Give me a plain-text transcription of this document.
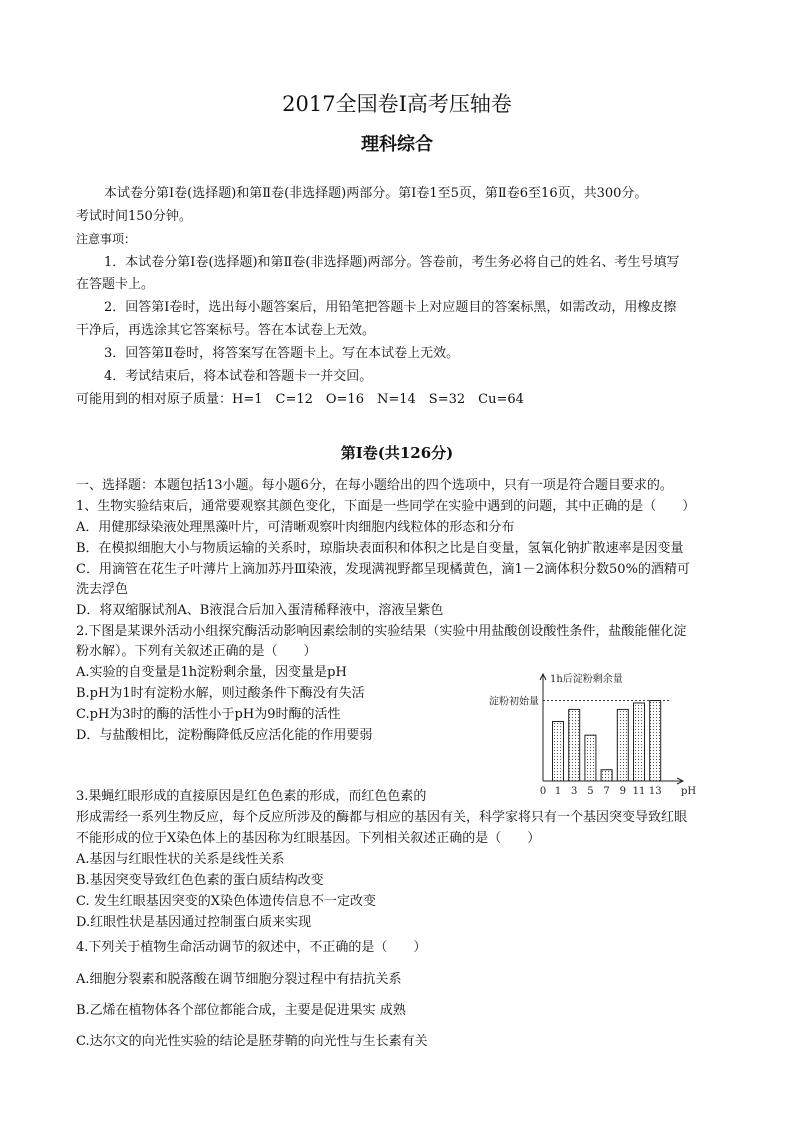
2017全国卷Ⅰ高考压轴卷
理科综合
本试卷分第Ⅰ卷(选择题)和第Ⅱ卷(非选择题)两部分。第Ⅰ卷1至5页，第Ⅱ卷6至16页，共300分。
考试时间150分钟。
注意事项：
1．本试卷分第Ⅰ卷(选择题)和第Ⅱ卷(非选择题)两部分。答卷前，考生务必将自己的姓名、考生号填写
在答题卡上。
2．回答第Ⅰ卷时，选出每小题答案后，用铅笔把答题卡上对应题目的答案标黑，如需改动，用橡皮擦
干净后，再选涂其它答案标号。答在本试卷上无效。
3．回答第Ⅱ卷时，将答案写在答题卡上。写在本试卷上无效。
4．考试结束后，将本试卷和答题卡一并交回。
可能用到的相对原子质量：H=1　C=12　O=16　N=14　S=32　Cu=64
第Ⅰ卷(共126分)
一、选择题：本题包括13小题。每小题6分，在每小题给出的四个选项中，只有一项是符合题目要求的。
1、生物实验结束后，通常要观察其颜色变化，下面是一些同学在实验中遇到的问题，其中正确的是（　　）
A．用健那绿染液处理黑藻叶片，可清晰观察叶肉细胞内线粒体的形态和分布
B．在模拟细胞大小与物质运输的关系时，琼脂块表面积和体积之比是自变量，氢氧化钠扩散速率是因变量
C．用滴管在花生子叶薄片上滴加苏丹Ⅲ染液，发现满视野都呈现橘黄色，滴1－2滴体积分数50%的酒精可
洗去浮色
D．将双缩脲试剂A、B液混合后加入蛋清稀释液中，溶液呈紫色
2.下图是某课外活动小组探究酶活动影响因素绘制的实验结果（实验中用盐酸创设酸性条件，盐酸能催化淀
粉水解）。下列有关叙述正确的是（　　）
A.实验的自变量是1h淀粉剩余量，因变量是pH
B.pH为1时有淀粉水解，则过酸条件下酶没有失活
C.pH为3时的酶的活性小于pH为9时酶的活性
D．与盐酸相比，淀粉酶降低反应活化能的作用要弱
1h后淀粉剩余量
淀粉初始量
0 1 3 5 7 9 11 13 pH
3.果蝇红眼形成的直接原因是红色色素的形成，而红色色素的
形成需经一系列生物反应，每个反应所涉及的酶都与相应的基因有关，科学家将只有一个基因突变导致红眼
不能形成的位于X染色体上的基因称为红眼基因。下列相关叙述正确的是（　　）
A.基因与红眼性状的关系是线性关系
B.基因突变导致红色色素的蛋白质结构改变
C. 发生红眼基因突变的X染色体遗传信息不一定改变
D.红眼性状是基因通过控制蛋白质来实现
4.下列关于植物生命活动调节的叙述中，不正确的是（　　）
A.细胞分裂素和脱落酸在调节细胞分裂过程中有拮抗关系
B.乙烯在植物体各个部位都能合成，主要是促进果实 成熟
C.达尔文的向光性实验的结论是胚芽鞘的向光性与生长素有关
